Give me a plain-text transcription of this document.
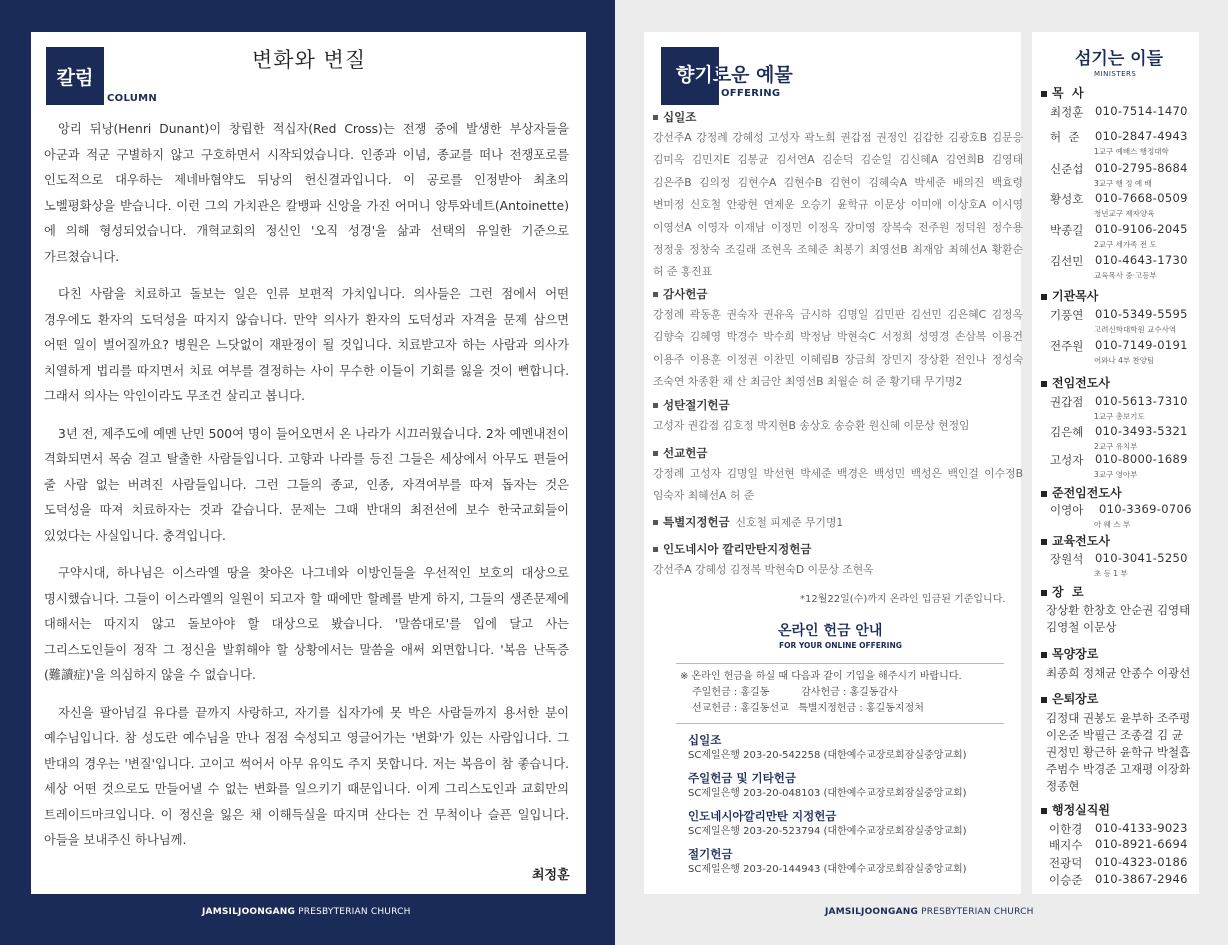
칼럼
COLUMN
변화와 변질

앙리 뒤낭(Henri Dunant)이 창립한 적십자(Red Cross)는 전쟁 중에 발생한 부상자들을 아군과 적군 구별하지 않고 구호하면서 시작되었습니다. 인종과 이념, 종교를 떠나 전쟁포로를 인도적으로 대우하는 제네바협약도 뒤낭의 헌신결과입니다. 이 공로를 인정받아 최초의 노벨평화상을 받습니다. 이런 그의 가치관은 칼뱅파 신앙을 가진 어머니 앙투와네트(Antoinette)에 의해 형성되었습니다. 개혁교회의 정신인 '오직 성경'을 삶과 선택의 유일한 기준으로 가르쳤습니다.

다친 사람을 치료하고 돌보는 일은 인류 보편적 가치입니다. 의사들은 그런 점에서 어떤 경우에도 환자의 도덕성을 따지지 않습니다. 만약 의사가 환자의 도덕성과 자격을 문제 삼으면 어떤 일이 벌어질까요? 병원은 느닷없이 재판정이 될 것입니다. 치료받고자 하는 사람과 의사가 치열하게 법리를 따지면서 치료 여부를 결정하는 사이 무수한 이들이 기회를 잃을 것이 뻔합니다. 그래서 의사는 악인이라도 무조건 살리고 봅니다.

3년 전, 제주도에 예멘 난민 500여 명이 들어오면서 온 나라가 시끄러웠습니다. 2차 예멘내전이 격화되면서 목숨 걸고 탈출한 사람들입니다. 고향과 나라를 등진 그들은 세상에서 아무도 편들어 줄 사람 없는 버려진 사람들입니다. 그런 그들의 종교, 인종, 자격여부를 따져 돕자는 것은 도덕성을 따져 치료하자는 것과 같습니다. 문제는 그때 반대의 최전선에 보수 한국교회들이 있었다는 사실입니다. 충격입니다.

구약시대, 하나님은 이스라엘 땅을 찾아온 나그네와 이방인들을 우선적인 보호의 대상으로 명시했습니다. 그들이 이스라엘의 일원이 되고자 할 때에만 할례를 받게 하지, 그들의 생존문제에 대해서는 따지지 않고 돌보아야 할 대상으로 봤습니다. '말씀대로'를 입에 달고 사는 그리스도인들이 정작 그 정신을 발휘해야 할 상황에서는 말씀을 애써 외면합니다. '복음 난독증(難讀症)'을 의심하지 않을 수 없습니다.

자신을 팔아넘길 유다를 끝까지 사랑하고, 자기를 십자가에 못 박은 사람들까지 용서한 분이 예수님입니다. 참 성도란 예수님을 만나 점점 숙성되고 영글어가는 '변화'가 있는 사람입니다. 그 반대의 경우는 '변질'입니다. 고이고 썩어서 아무 유익도 주지 못합니다. 저는 복음이 참 좋습니다. 세상 어떤 것으로도 만들어낼 수 없는 변화를 일으키기 때문입니다. 이게 그리스도인과 교회만의 트레이드마크입니다. 이 정신을 잃은 채 이해득실을 따지며 산다는 건 무척이나 슬픈 일입니다. 아들을 보내주신 하나님께.

최정훈
향기로운 예물
OFFERING
십일조
강선주A 강정례 강혜성 고성자 곽노희 권갑점 권정인 김갑한 김광호B 김문응 김미옥 김민지E 김봉균 김서연A 김순덕 김순일 김신혜A 김연희B 김영태 김은주B 김의정 김현수A 김현수B 김현이 김혜숙A 박세준 배의진 백효령 변미정 신호철 안광현 연제운 오승기 윤학규 이문상 이미애 이상호A 이시영 이영선A 이영자 이재남 이정민 이정옥 장미영 장복숙 전주원 정덕원 정수용 정정웅 정창숙 조길래 조현옥 조혜준 최봉기 최영선B 최재암 최혜선A 황환순 허 준 홍진표
감사헌금
강정례 곽동훈 권숙자 권유옥 금시하 김명일 김민판 김선민 김은혜C 김정옥 김향숙 김혜영 박경수 박수희 박정남 박현숙C 서정희 성영경 손삼복 이용건 이용주 이용훈 이정권 이찬민 이혜림B 장금희 장민지 장상환 전인나 정성숙 조숙연 차종환 채 산 최금안 최영선B 최월순 허 준 황기태 무기명2
성탄절기헌금
고성자 권갑점 김호정 박지현B 송상호 송승환 원신혜 이문상 현정임
선교헌금
강정례 고성자 김명일 박선현 박세준 백경은 백성민 백성은 백인걸 이수정B 임숙자 최혜선A 허 준
특별지정헌금 신호철 피제준 무기명1
인도네시아 깔리만탄지정헌금
강선주A 강혜성 김정복 박현숙D 이문상 조현옥
*12월22일(수)까지 온라인 입금된 기준입니다.
온라인 헌금 안내
FOR YOUR ONLINE OFFERING
※ 온라인 헌금을 하실 때 다음과 같이 기입을 해주시기 바랍니다.
주일헌금 : 홍길동          감사헌금 : 홍길동감사
선교헌금 : 홍길동선교   특별지정헌금 : 홍길동지정처
십일조
SC제일은행 203-20-542258 (대한예수교장로회잠실중앙교회)
주일헌금 및 기타헌금
SC제일은행 203-20-048103 (대한예수교장로회잠실중앙교회)
인도네시아깔리만탄 지정헌금
SC제일은행 203-20-523794 (대한예수교장로회잠실중앙교회)
절기헌금
SC제일은행 203-20-144943 (대한예수교장로회잠실중앙교회)
섬기는 이들
MINISTERS
목  사
최정훈 010-7514-1470
허  준 010-2847-4943
1교구 예배스 행정대학
신준섭 010-2795-8684
3교구 행 정 예 배
황성호 010-7668-0509
청년교구 제자양육
박종길 010-9106-2045
2교구 세가족 전 도
김선민 010-4643-1730
교육목사 중·고등부
기관목사
기풍연 010-5349-5595
고려신학대학원 교수사역
전주원 010-7149-0191
어와나 4부 찬양팀
전임전도사
권갑점 010-5613-7310
1교구 총보기도
김은혜 010-3493-5321
2교구 유치부
고성자 010-8000-1689
3교구 영아부
준전임전도사
이영아 010-3369-0706
아 웨 스 부
교육전도사
장원석 010-3041-5250
초 등 1 부
장  로
장상환 한창호 안순권 김영태 김영철 이문상
목양장로
최종희 정채균 안종수 이광선
은퇴장로
김정대 권봉도 윤부하 조주평 이온준 박필근 조종걸 김 균 권정민 황근하 윤학규 박철흡 주범수 박경준 고재평 이장화 정종현
행정실직원
이한경 010-4133-9023
배지수 010-8921-6694
전광덕 010-4323-0186
이승준 010-3867-2946
JAMSILJOONGANG PRESBYTERIAN CHURCH	JAMSILJOONGANG PRESBYTERIAN CHURCH
